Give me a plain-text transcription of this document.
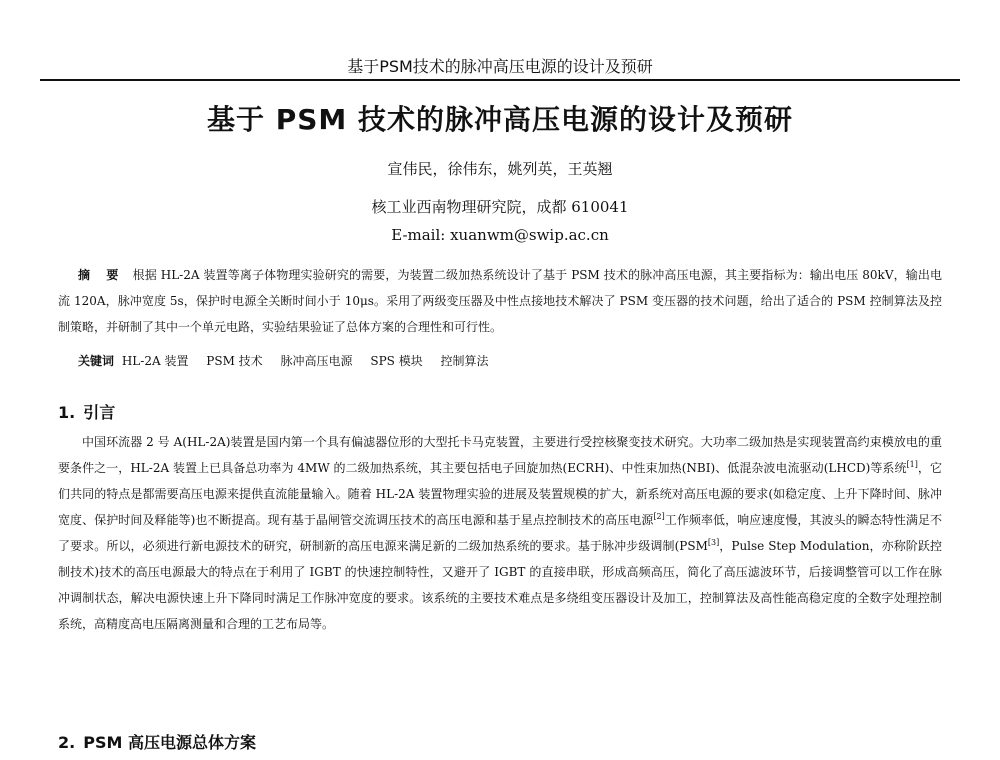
基于PSM技术的脉冲高压电源的设计及预研
基于 PSM 技术的脉冲高压电源的设计及预研
宣伟民，徐伟东，姚列英，王英翘
核工业西南物理研究院，成都 610041
E-mail: xuanwm@swip.ac.cn
摘 要 根据 HL-2A 装置等离子体物理实验研究的需要，为装置二级加热系统设计了基于 PSM 技术的脉冲高压电源，其主要指标为：输出电压 80kV，输出电流 120A，脉冲宽度 5s，保护时电源全关断时间小于 10μs。采用了两级变压器及中性点接地技术解决了 PSM 变压器的技术问题，给出了适合的 PSM 控制算法及控制策略，并研制了其中一个单元电路，实验结果验证了总体方案的合理性和可行性。
关键词 HL-2A 装置 PSM 技术 脉冲高压电源 SPS 模块 控制算法
1. 引言
中国环流器 2 号 A(HL-2A)装置是国内第一个具有偏滤器位形的大型托卡马克装置，主要进行受控核聚变技术研究。大功率二级加热是实现装置高约束模放电的重要条件之一，HL-2A 装置上已具备总功率为 4MW 的二级加热系统，其主要包括电子回旋加热(ECRH)、中性束加热(NBI)、低混杂波电流驱动(LHCD)等系统[1]，它们共同的特点是都需要高压电源来提供直流能量输入。随着 HL-2A 装置物理实验的进展及装置规模的扩大，新系统对高压电源的要求(如稳定度、上升下降时间、脉冲宽度、保护时间及释能等)也不断提高。现有基于晶闸管交流调压技术的高压电源和基于星点控制技术的高压电源[2]工作频率低，响应速度慢，其波头的瞬态特性满足不了要求。所以，必须进行新电源技术的研究，研制新的高压电源来满足新的二级加热系统的要求。基于脉冲步级调制(PSM[3]，Pulse Step Modulation，亦称阶跃控制技术)技术的高压电源最大的特点在于利用了 IGBT 的快速控制特性，又避开了 IGBT 的直接串联，形成高频高压，简化了高压滤波环节，后接调整管可以工作在脉冲调制状态，解决电源快速上升下降同时满足工作脉冲宽度的要求。该系统的主要技术难点是多绕组变压器设计及加工，控制算法及高性能高稳定度的全数字处理控制系统，高精度高电压隔离测量和合理的工艺布局等。
2. PSM 高压电源总体方案
